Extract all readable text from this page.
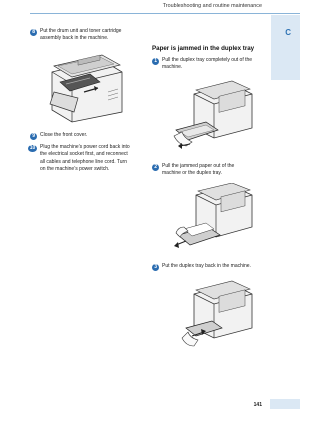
Troubleshooting and routine maintenance
C
8	Put the drum unit and toner cartridge
assembly back in the machine.
9	Close the front cover.
10 Plug the machine’s power cord back into
the electrical socket first, and reconnect
all cables and telephone line cord. Turn
on the machine’s power switch.
Paper is jammed in the duplex tray
1	Pull the duplex tray completely out of the
machine.
2	Pull the jammed paper out of the
machine or the duplex tray.
3	Put the duplex tray back in the machine.
141
